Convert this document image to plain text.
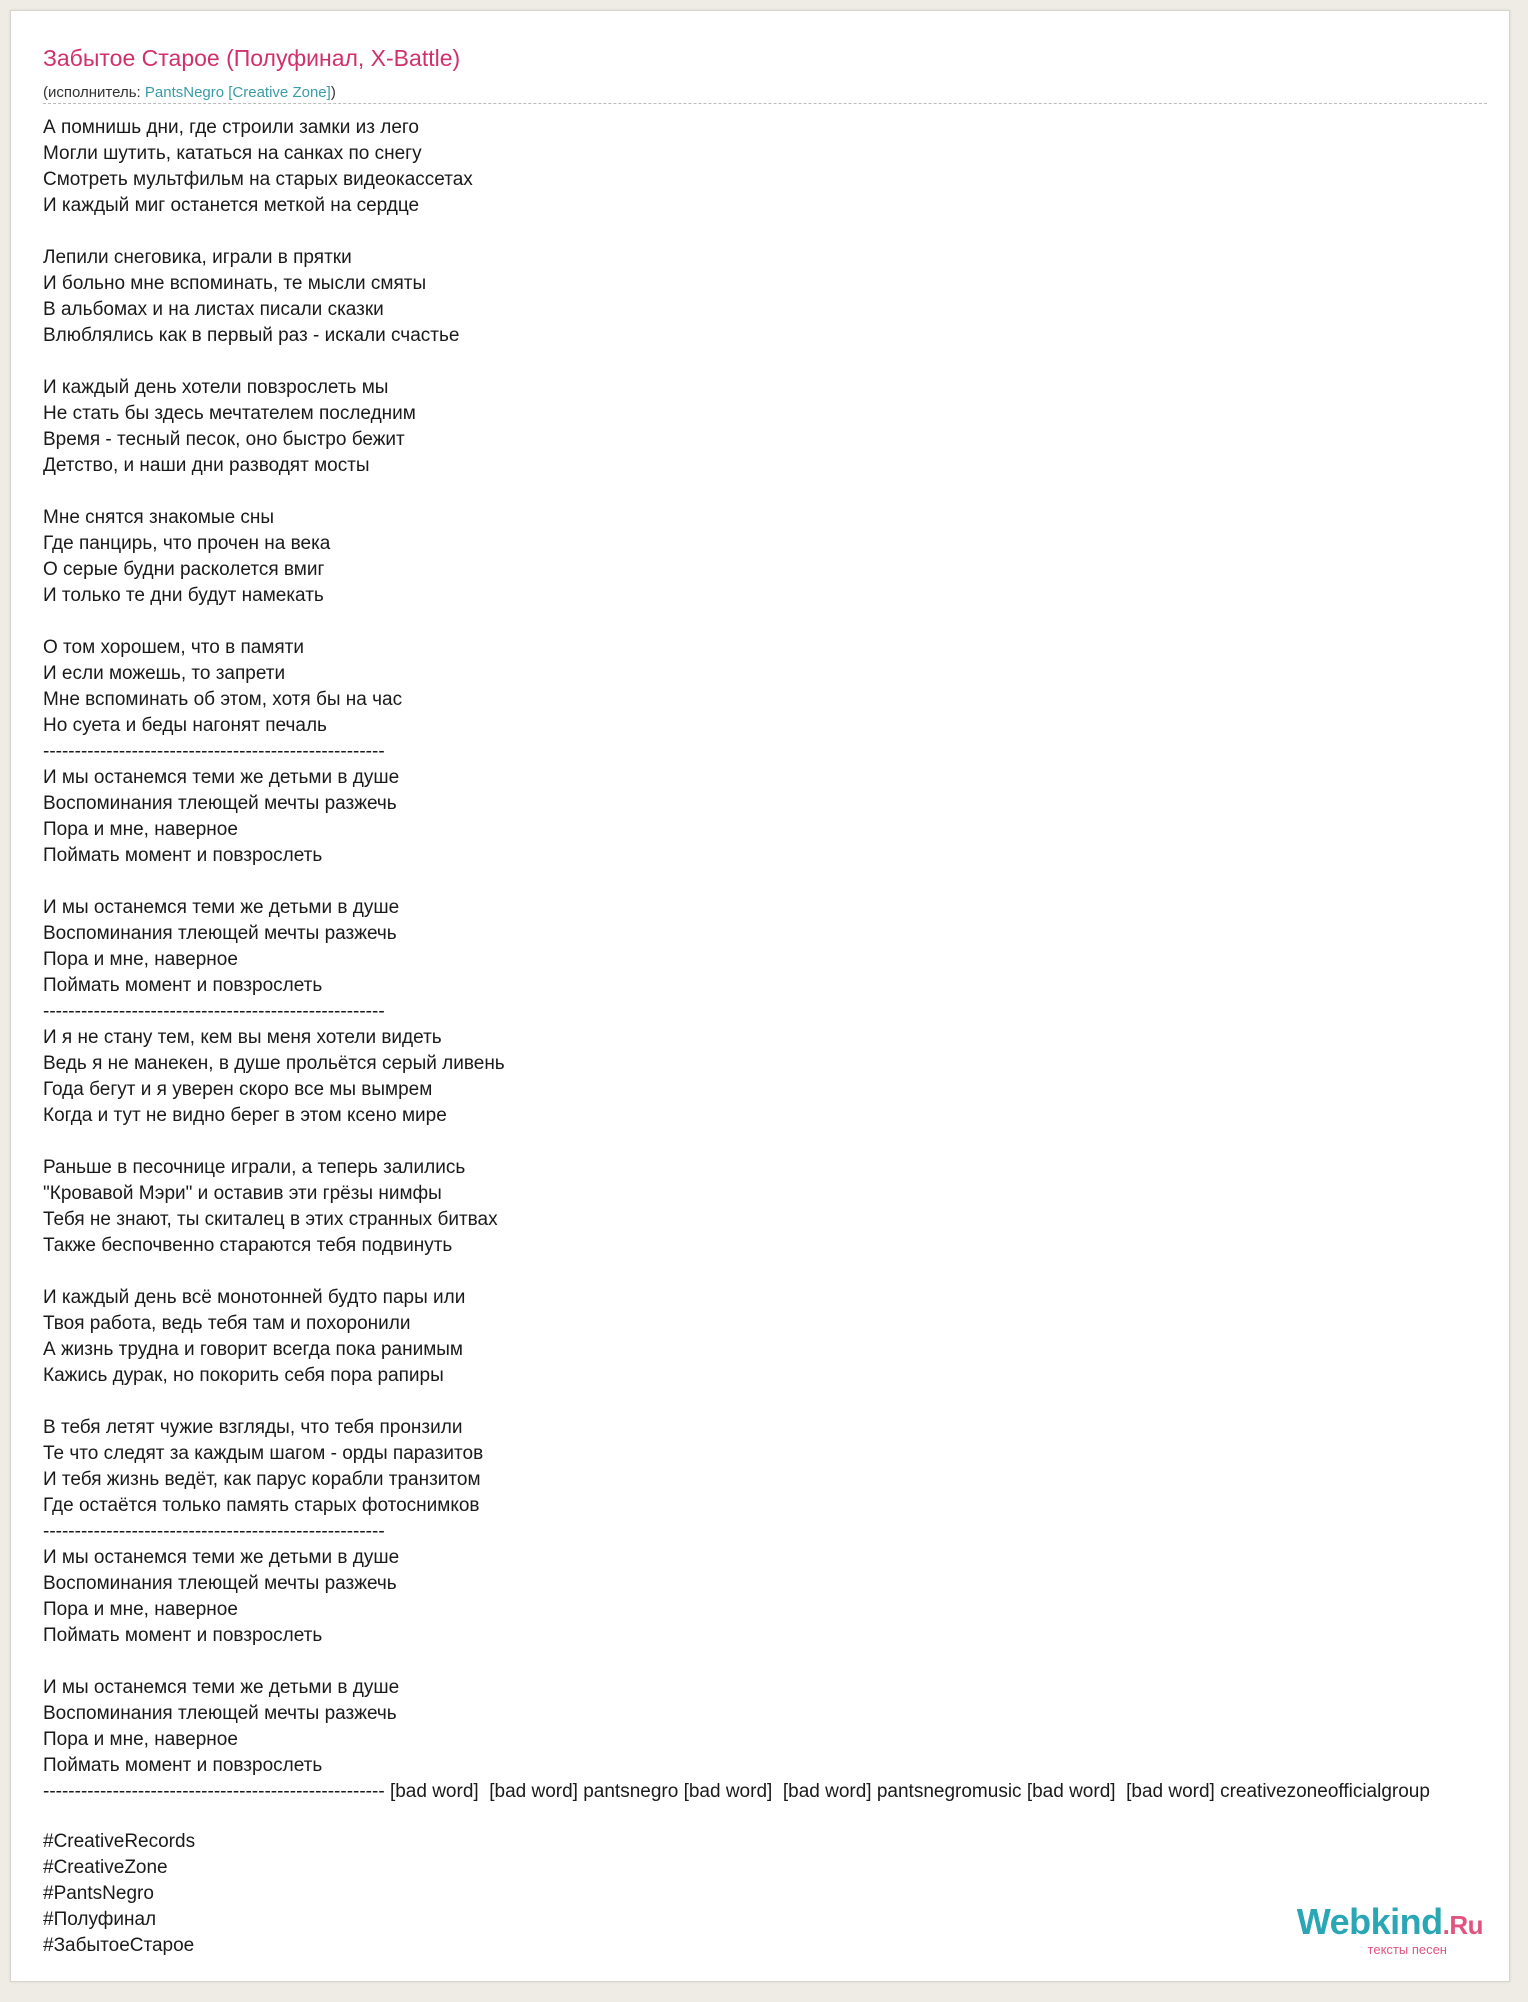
Забытое Старое (Полуфинал, X-Battle)
(исполнитель: PantsNegro [Creative Zone])
А помнишь дни, где строили замки из лего
Могли шутить, кататься на санках по снегу
Смотреть мультфильм на старых видеокассетах
И каждый миг останется меткой на сердце

Лепили снеговика, играли в прятки
И больно мне вспоминать, те мысли смяты
В альбомах и на листах писали сказки
Влюблялись как в первый раз - искали счастье

И каждый день хотели повзрослеть мы
Не стать бы здесь мечтателем последним
Время - тесный песок, оно быстро бежит
Детство, и наши дни разводят мосты

Мне снятся знакомые сны
Где панцирь, что прочен на века
О серые будни расколется вмиг
И только те дни будут намекать

О том хорошем, что в памяти
И если можешь, то запрети
Мне вспоминать об этом, хотя бы на час
Но суета и беды нагонят печаль
------------------------------------------------------
И мы останемся теми же детьми в душе
Воспоминания тлеющей мечты разжечь
Пора и мне, наверное
Поймать момент и повзрослеть

И мы останемся теми же детьми в душе
Воспоминания тлеющей мечты разжечь
Пора и мне, наверное
Поймать момент и повзрослеть
------------------------------------------------------
И я не стану тем, кем вы меня хотели видеть
Ведь я не манекен, в душе прольётся серый ливень
Года бегут и я уверен скоро все мы вымрем
Когда и тут не видно берег в этом ксено мире

Раньше в песочнице играли, а теперь залились
"Кровавой Мэри" и оставив эти грёзы нимфы
Тебя не знают, ты скиталец в этих странных битвах
Также беспочвенно стараются тебя подвинуть

И каждый день всё монотонней будто пары или
Твоя работа, ведь тебя там и похоронили
А жизнь трудна и говорит всегда пока ранимым
Кажись дурак, но покорить себя пора рапиры

В тебя летят чужие взгляды, что тебя пронзили
Те что следят за каждым шагом - орды паразитов
И тебя жизнь ведёт, как парус корабли транзитом
Где остаётся только память старых фотоснимков
------------------------------------------------------
И мы останемся теми же детьми в душе
Воспоминания тлеющей мечты разжечь
Пора и мне, наверное
Поймать момент и повзрослеть

И мы останемся теми же детьми в душе
Воспоминания тлеющей мечты разжечь
Пора и мне, наверное
Поймать момент и повзрослеть
------------------------------------------------------ [bad word]  [bad word] pantsnegro [bad word]  [bad word] pantsnegromusic [bad word]  [bad word] creativezoneofficialgroup

#CreativeRecords
#CreativeZone
#PantsNegro
#Полуфинал
#ЗабытоеСтарое
Webkind.Ru
тексты песен
